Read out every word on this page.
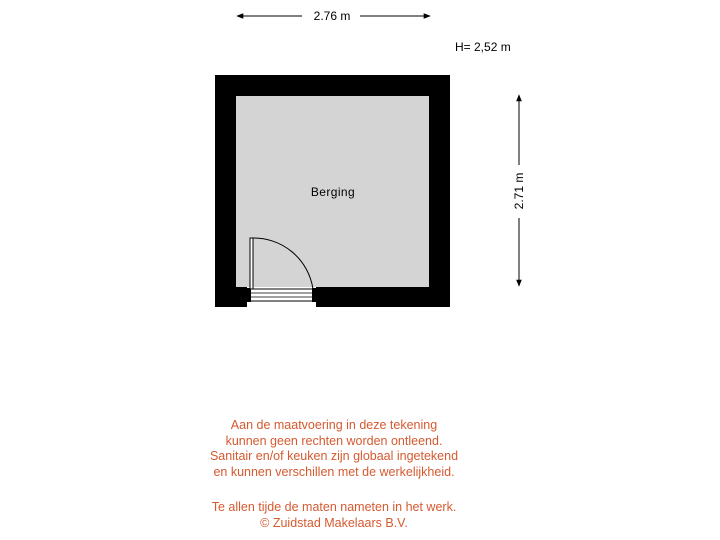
2.76 m
H= 2,52 m
2.71 m
Berging
Aan de maatvoering in deze tekening
kunnen geen rechten worden ontleend.
Sanitair en/of keuken zijn globaal ingetekend
en kunnen verschillen met de werkelijkheid.
Te allen tijde de maten nameten in het werk.
© Zuidstad Makelaars B.V.
